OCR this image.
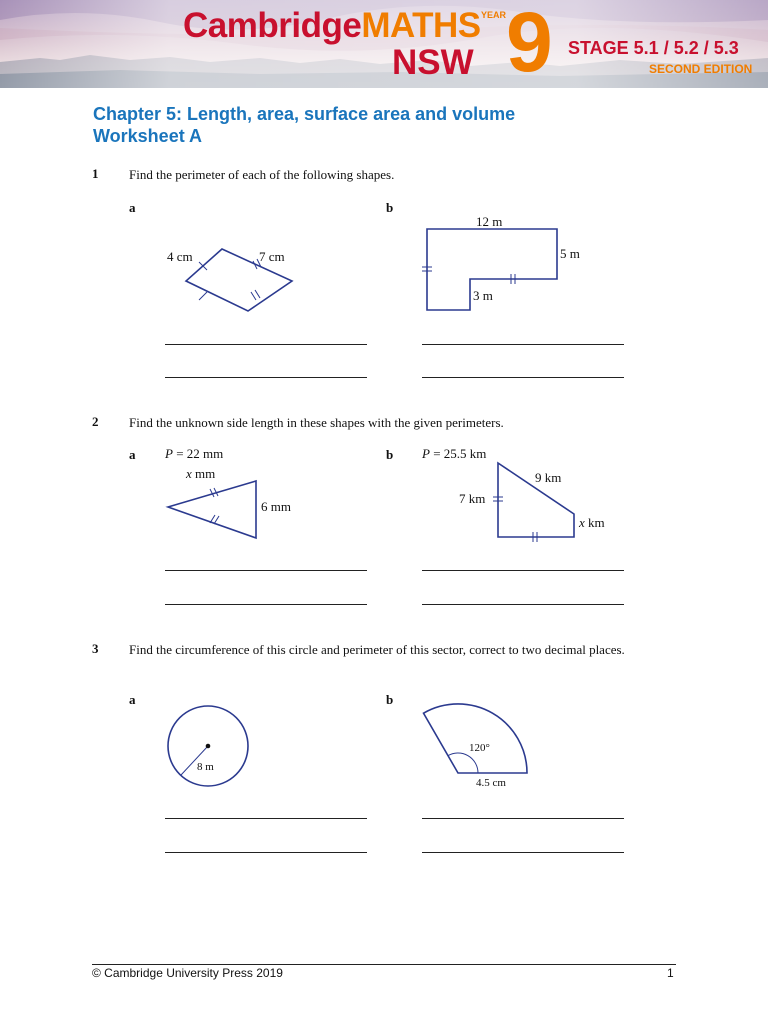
CambridgeMATHS
NSW
YEAR 9 STAGE 5.1 / 5.2 / 5.3
SECOND EDITION
Chapter 5: Length, area, surface area and volume
Worksheet A
1 Find the perimeter of each of the following shapes.
a	b
2 Find the unknown side length in these shapes with the given perimeters.
a P = 22 mm	b P = 25.5 km
3 Find the circumference of this circle and perimeter of this sector, correct to two decimal places.
a	b
4 cm	7 cm
12 m
5 m
3 m
x mm
6 mm
9 km
7 km
x km
8 m
120°
4.5 cm
© Cambridge University Press 2019	1
